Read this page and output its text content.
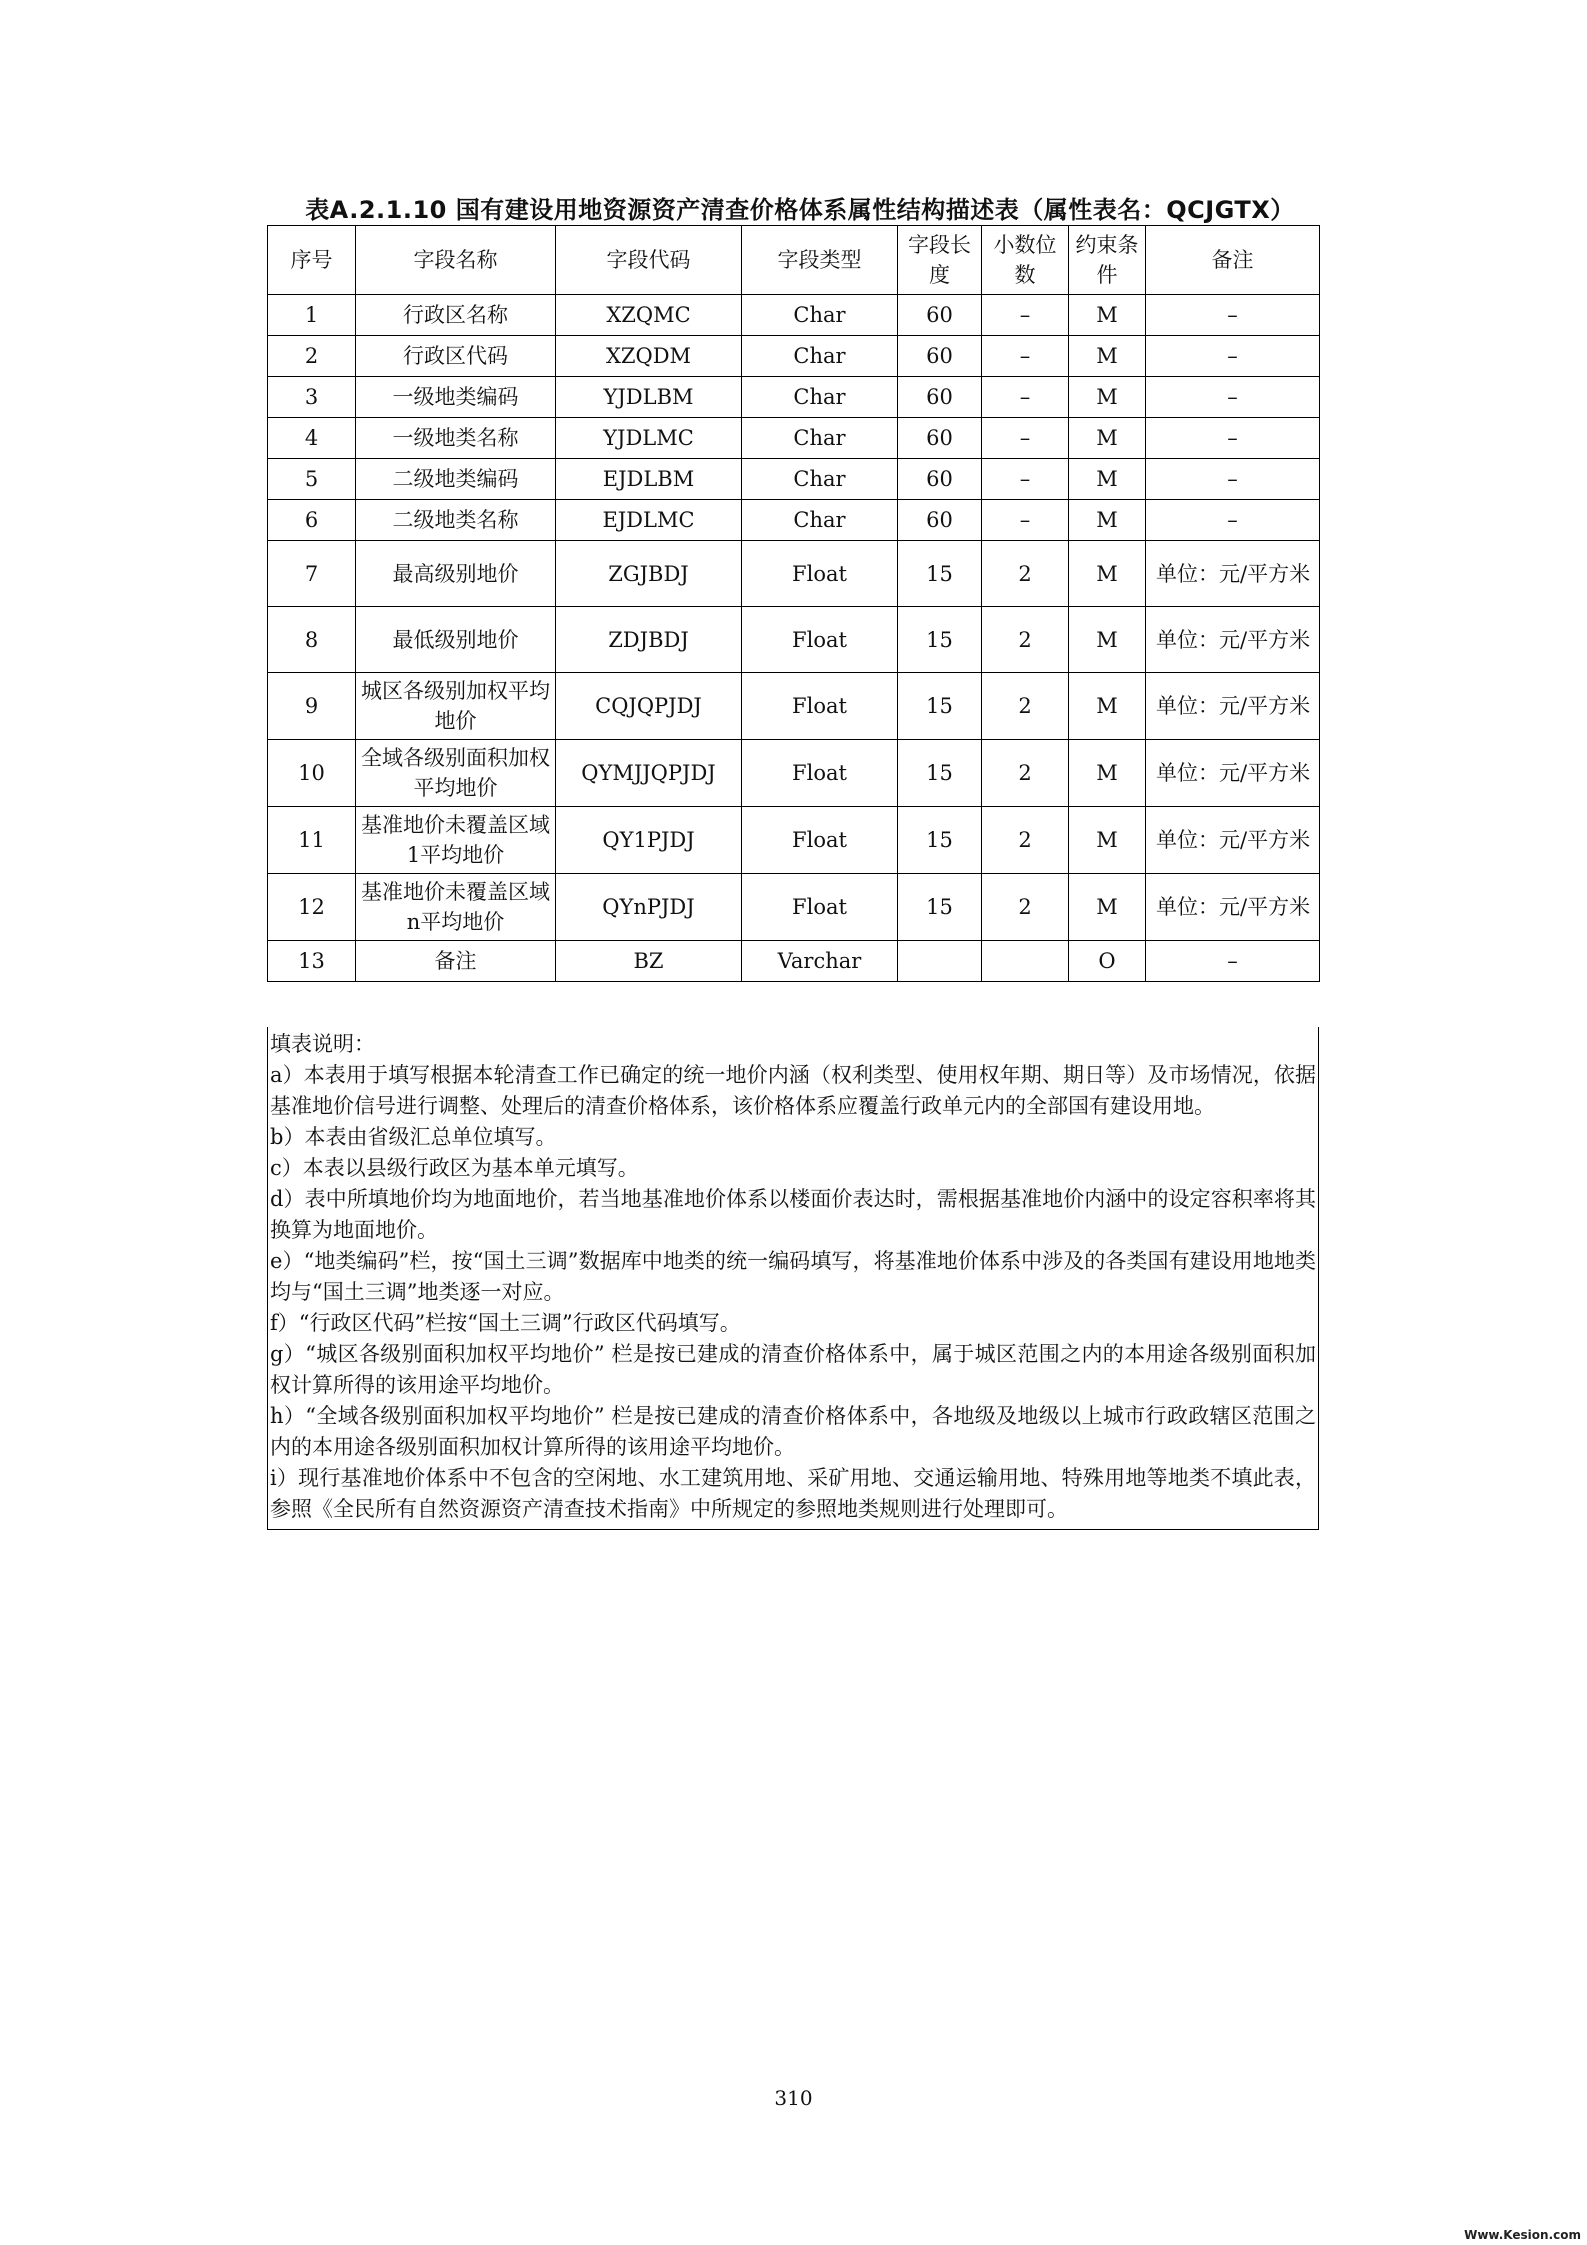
表A.2.1.10 国有建设用地资源资产清查价格体系属性结构描述表（属性表名：QCJGTX）
序号	字段名称	字段代码	字段类型	字段长度	小数位数	约束条件	备注
1	行政区名称	XZQMC	Char	60	–	M	–
2	行政区代码	XZQDM	Char	60	–	M	–
3	一级地类编码	YJDLBM	Char	60	–	M	–
4	一级地类名称	YJDLMC	Char	60	–	M	–
5	二级地类编码	EJDLBM	Char	60	–	M	–
6	二级地类名称	EJDLMC	Char	60	–	M	–
7	最高级别地价	ZGJBDJ	Float	15	2	M	单位：元/平方米
8	最低级别地价	ZDJBDJ	Float	15	2	M	单位：元/平方米
9	城区各级别加权平均地价	CQJQPJDJ	Float	15	2	M	单位：元/平方米
10	全域各级别面积加权平均地价	QYMJJQPJDJ	Float	15	2	M	单位：元/平方米
11	基准地价未覆盖区域1平均地价	QY1PJDJ	Float	15	2	M	单位：元/平方米
12	基准地价未覆盖区域n平均地价	QYnPJDJ	Float	15	2	M	单位：元/平方米
13	备注	BZ	Varchar			O	–

填表说明：

a）本表用于填写根据本轮清查工作已确定的统一地价内涵（权利类型、使用权年期、期日等）及市场情况，依据基准地价信号进行调整、处理后的清查价格体系，该价格体系应覆盖行政单元内的全部国有建设用地。

b）本表由省级汇总单位填写。

c）本表以县级行政区为基本单元填写。

d）表中所填地价均为地面地价，若当地基准地价体系以楼面价表达时，需根据基准地价内涵中的设定容积率将其换算为地面地价。

e）“地类编码”栏，按“国土三调”数据库中地类的统一编码填写，将基准地价体系中涉及的各类国有建设用地地类均与“国土三调”地类逐一对应。

f）“行政区代码”栏按“国土三调”行政区代码填写。

g）“城区各级别面积加权平均地价” 栏是按已建成的清查价格体系中，属于城区范围之内的本用途各级别面积加权计算所得的该用途平均地价。

h）“全域各级别面积加权平均地价” 栏是按已建成的清查价格体系中，各地级及地级以上城市行政政辖区范围之内的本用途各级别面积加权计算所得的该用途平均地价。

i）现行基准地价体系中不包含的空闲地、水工建筑用地、采矿用地、交通运输用地、特殊用地等地类不填此表，参照《全民所有自然资源资产清查技术指南》中所规定的参照地类规则进行处理即可。

310
Www.Kesion.com
